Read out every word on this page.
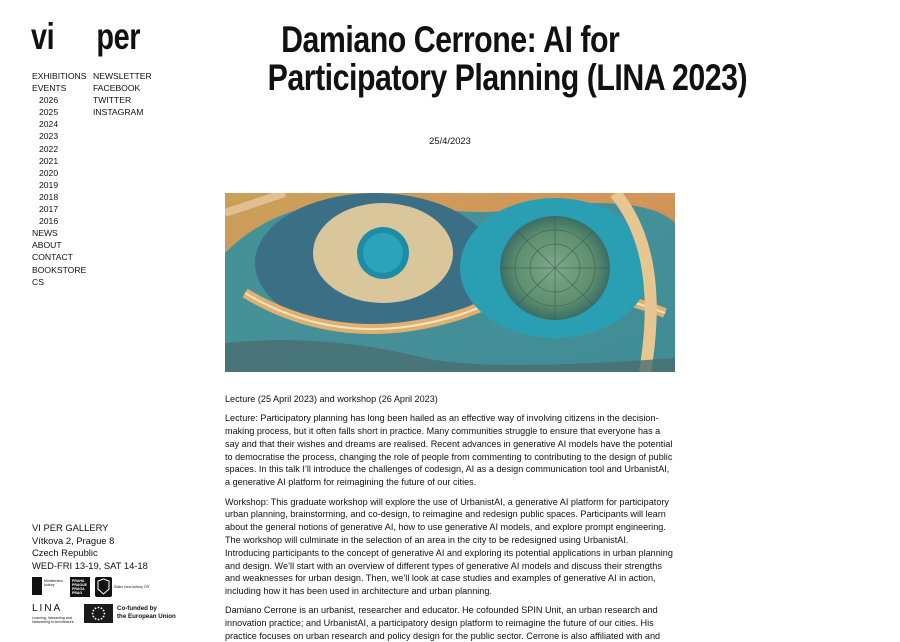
vi per
EXHIBITIONS
EVENTS
2026
2025
2024
2023
2022
2021
2020
2019
2018
2017
2016
NEWS
ABOUT
CONTACT
BOOKSTORE
CS
NEWSLETTER
FACEBOOK
TWITTER
INSTAGRAM
VI PER GALLERY
Vítkova 2, Prague 8
Czech Republic
WED-FRI 13-19, SAT 14-18
Ministerstvo kultury
PRAHA PRAGUE PRAGA PRAG
Státní fond kultury ČR
LINA
Learning, Interacting and Networking in Architecture
Co-funded by
the European Union
Damiano Cerrone: AI for
Participatory Planning (LINA 2023)
25/4/2023

Lecture (25 April 2023) and workshop (26 April 2023)

Lecture: Participatory planning has long been hailed as an effective way of involving citizens in the decision-making process, but it often falls short in practice. Many communities struggle to ensure that everyone has a say and that their wishes and dreams are realised. Recent advances in generative AI models have the potential to democratise the process, changing the role of people from commenting to contributing to the design of public spaces. In this talk I’ll introduce the challenges of codesign, AI as a design communication tool and UrbanistAI, a generative AI platform for reimagining the future of our cities.

Workshop: This graduate workshop will explore the use of UrbanistAI, a generative AI platform for participatory urban planning, brainstorming, and co-design, to reimagine and redesign public spaces. Participants will learn about the general notions of generative AI, how to use generative AI models, and explore prompt engineering. The workshop will culminate in the selection of an area in the city to be redesigned using UrbanistAI. Introducing participants to the concept of generative AI and exploring its potential applications in urban planning and design. We’ll start with an overview of different types of generative AI models and discuss their strengths and weaknesses for urban design. Then, we’ll look at case studies and examples of generative AI in action, including how it has been used in architecture and urban planning.

Damiano Cerrone is an urbanist, researcher and educator. He cofounded SPIN Unit, an urban research and innovation practice; and UrbanistAI, a participatory design platform to reimagine the future of our cities. His practice focuses on urban research and policy design for the public sector. Cerrone is also affiliated with and
